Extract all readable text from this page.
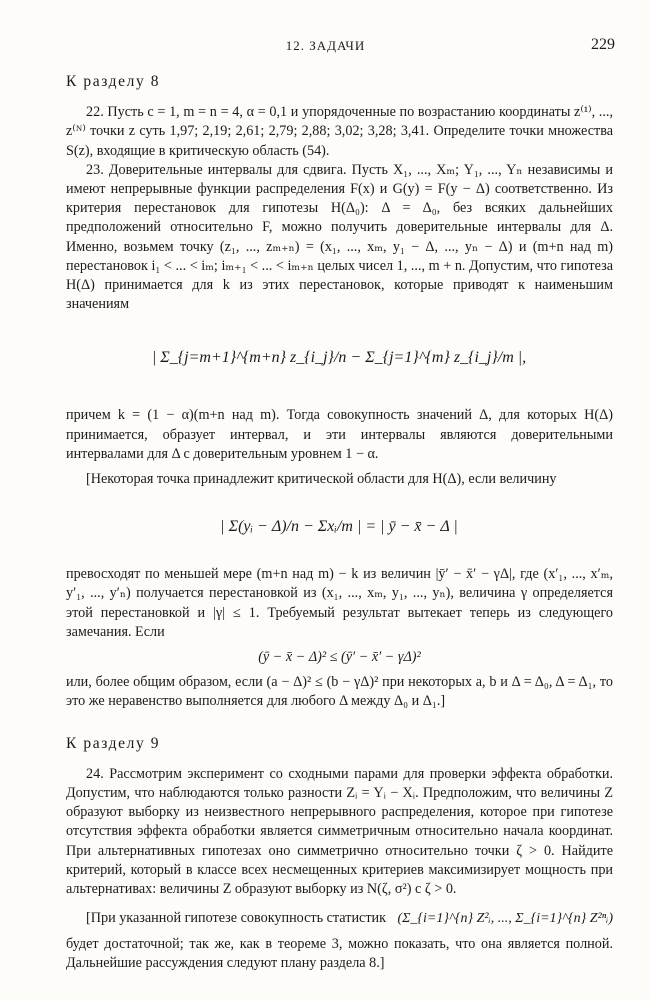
12. ЗАДАЧИ	229
К разделу 8

22. Пусть c = 1, m = n = 4, α = 0,1 и упорядоченные по возрастанию координаты z⁽¹⁾, ..., z⁽ᴺ⁾ точки z суть 1,97; 2,19; 2,61; 2,79; 2,88; 3,02; 3,28; 3,41. Определите точки множества S(z), входящие в критическую область (54).

23. Доверительные интервалы для сдвига. Пусть X₁, ..., Xₘ; Y₁, ..., Yₙ независимы и имеют непрерывные функции распределения F(x) и G(y) = F(y − Δ) соответственно. Из критерия перестановок для гипотезы H(Δ₀): Δ = Δ₀, без всяких дальнейших предположений относительно F, можно получить доверительные интервалы для Δ. Именно, возьмем точку (z₁, ..., zₘ₊ₙ) = (x₁, ..., xₘ, y₁ − Δ, ..., yₙ − Δ) и (m+n над m) перестановок i₁ < ... < iₘ; iₘ₊₁ < ... < iₘ₊ₙ целых чисел 1, ..., m + n. Допустим, что гипотеза H(Δ) принимается для k из этих перестановок, которые приводят к наименьшим значениям

| Σ_{j=m+1}^{m+n} z_{i_j}/n − Σ_{j=1}^{m} z_{i_j}/m |,

причем k = (1 − α)(m+n над m). Тогда совокупность значений Δ, для которых H(Δ) принимается, образует интервал, и эти интервалы являются доверительными интервалами для Δ с доверительным уровнем 1 − α.

[Некоторая точка принадлежит критической области для H(Δ), если величину

| Σ(yᵢ − Δ)/n − Σxᵢ/m | = | ȳ − x̄ − Δ |

превосходят по меньшей мере (m+n над m) − k из величин |ȳ′ − x̄′ − γΔ|, где (x′₁, ..., x′ₘ, y′₁, ..., y′ₙ) получается перестановкой из (x₁, ..., xₘ, y₁, ..., yₙ), величина γ определяется этой перестановкой и |γ| ≤ 1. Требуемый результат вытекает теперь из следующего замечания. Если

(ȳ − x̄ − Δ)² ≤ (ȳ′ − x̄′ − γΔ)²

или, более общим образом, если (a − Δ)² ≤ (b − γΔ)² при некоторых a, b и Δ = Δ₀, Δ = Δ₁, то это же неравенство выполняется для любого Δ между Δ₀ и Δ₁.]

К разделу 9

24. Рассмотрим эксперимент со сходными парами для проверки эффекта обработки. Допустим, что наблюдаются только разности Zᵢ = Yᵢ − Xᵢ. Предположим, что величины Z образуют выборку из неизвестного непрерывного распределения, которое при гипотезе отсутствия эффекта обработки является симметричным относительно начала координат. При альтернативных гипотезах оно симметрично относительно точки ζ > 0. Найдите критерий, который в классе всех несмещенных критериев максимизирует мощность при альтернативах: величины Z образуют выборку из N(ζ, σ²) с ζ > 0.

[При указанной гипотезе совокупность статистик (Σ_{i=1}^{n} Z²ᵢ, ..., Σ_{i=1}^{n} Z²ⁿᵢ)

будет достаточной; так же, как в теореме 3, можно показать, что она является полной. Дальнейшие рассуждения следуют плану раздела 8.]
